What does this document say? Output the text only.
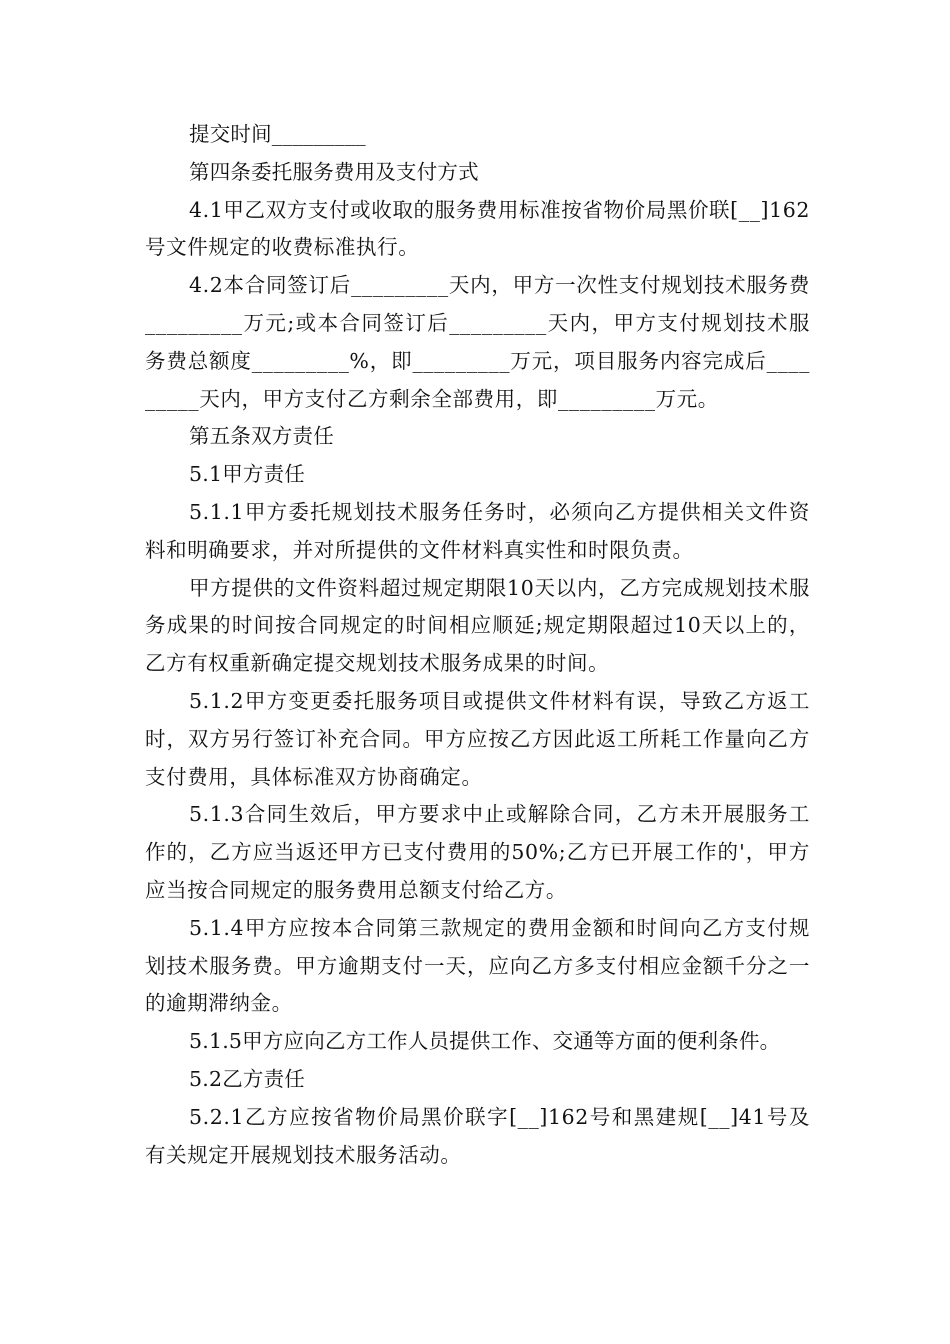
提交时间_________

第四条委托服务费用及支付方式

4.1甲乙双方支付或收取的服务费用标准按省物价局黑价联[__]162号文件规定的收费标准执行。

4.2本合同签订后_________天内，甲方一次性支付规划技术服务费_________万元;或本合同签订后_________天内，甲方支付规划技术服务费总额度_________%，即_________万元，项目服务内容完成后_________天内，甲方支付乙方剩余全部费用，即_________万元。

第五条双方责任

5.1甲方责任

5.1.1甲方委托规划技术服务任务时，必须向乙方提供相关文件资料和明确要求，并对所提供的文件材料真实性和时限负责。

甲方提供的文件资料超过规定期限10天以内，乙方完成规划技术服务成果的时间按合同规定的时间相应顺延;规定期限超过10天以上的，乙方有权重新确定提交规划技术服务成果的时间。

5.1.2甲方变更委托服务项目或提供文件材料有误，导致乙方返工时，双方另行签订补充合同。甲方应按乙方因此返工所耗工作量向乙方支付费用，具体标准双方协商确定。

5.1.3合同生效后，甲方要求中止或解除合同，乙方未开展服务工作的，乙方应当返还甲方已支付费用的50%;乙方已开展工作的'，甲方应当按合同规定的服务费用总额支付给乙方。

5.1.4甲方应按本合同第三款规定的费用金额和时间向乙方支付规划技术服务费。甲方逾期支付一天，应向乙方多支付相应金额千分之一的逾期滞纳金。

5.1.5甲方应向乙方工作人员提供工作、交通等方面的便利条件。

5.2乙方责任

5.2.1乙方应按省物价局黑价联字[__]162号和黑建规[__]41号及有关规定开展规划技术服务活动。
